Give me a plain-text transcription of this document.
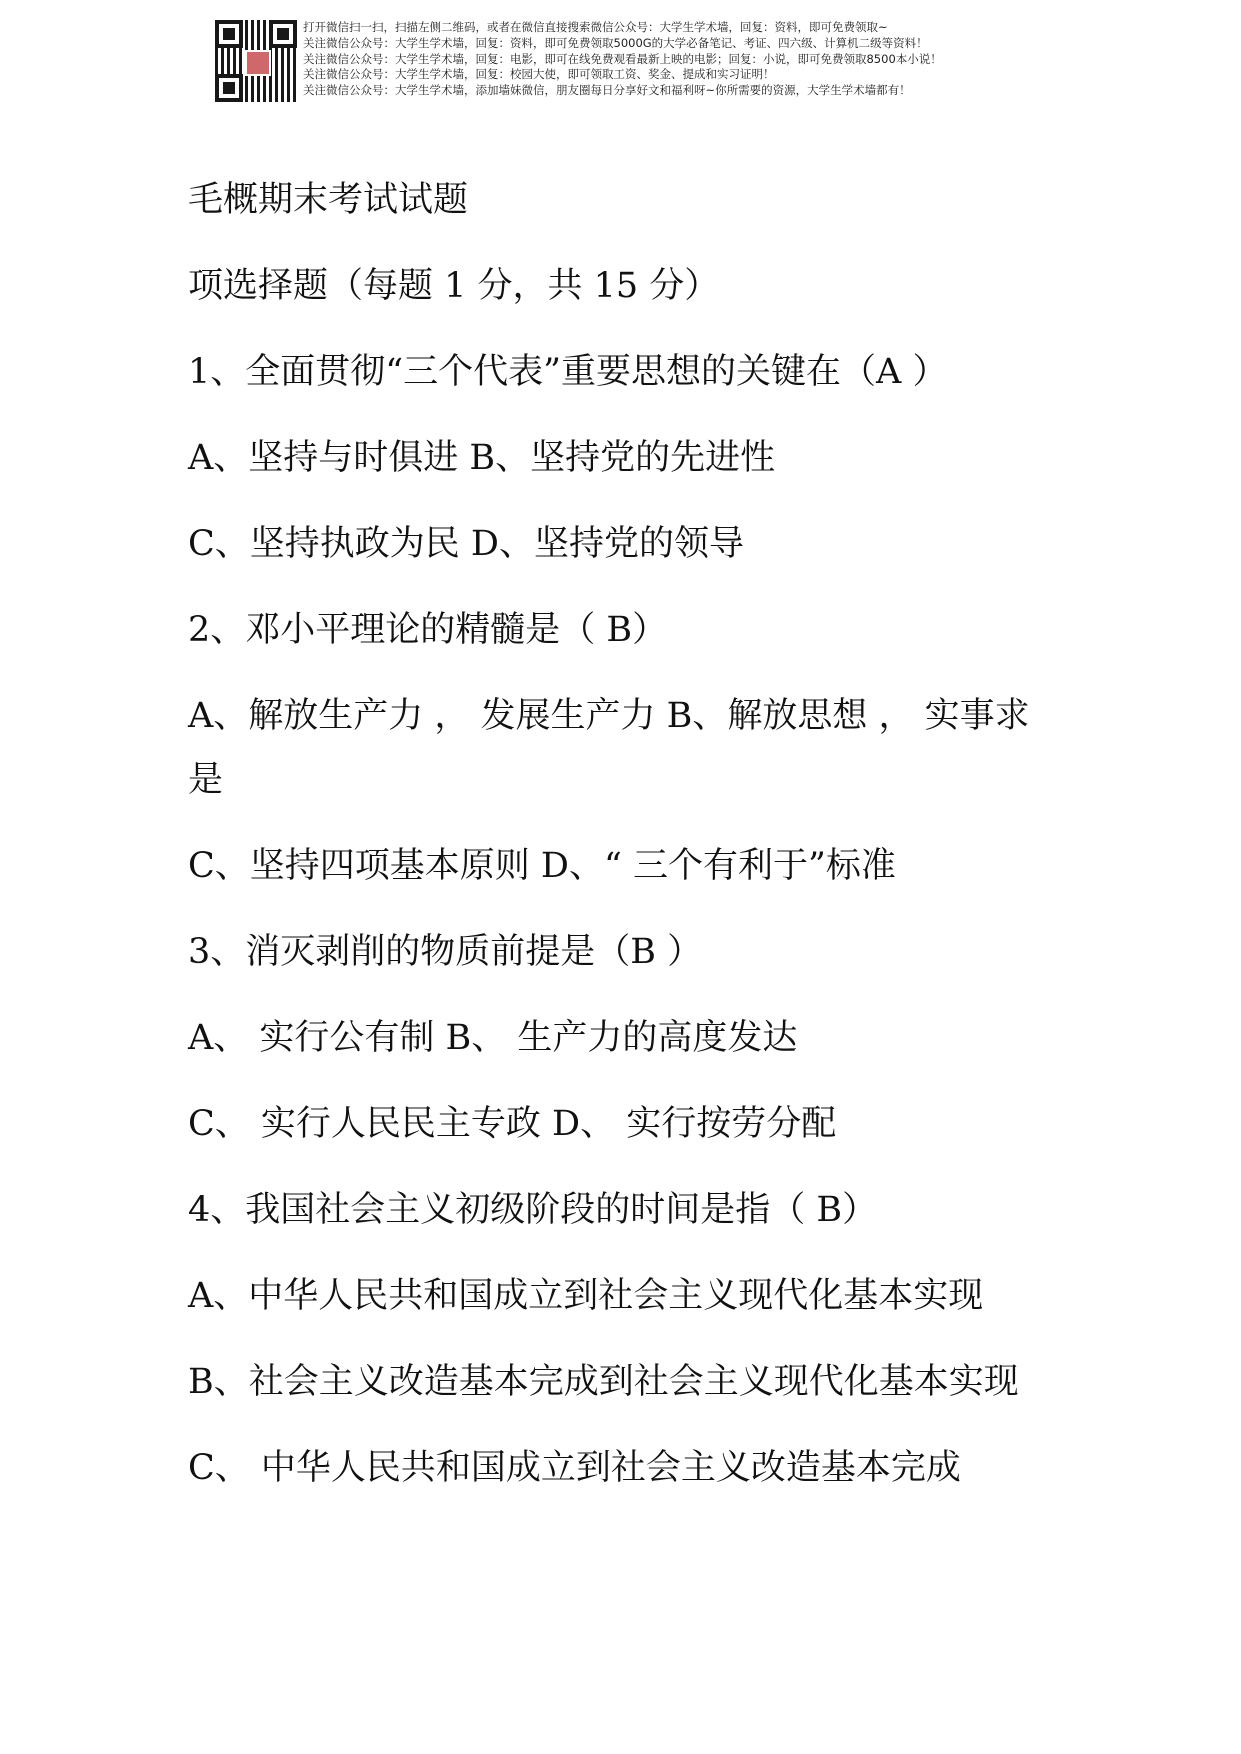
打开微信扫一扫，扫描左侧二维码，或者在微信直接搜索微信公众号：大学生学术墙，回复：资料，即可免费领取~
关注微信公众号：大学生学术墙，回复：资料，即可免费领取5000G的大学必备笔记、考证、四六级、计算机二级等资料！
关注微信公众号：大学生学术墙，回复：电影，即可在线免费观看最新上映的电影；回复：小说，即可免费领取8500本小说！
关注微信公众号：大学生学术墙，回复：校园大使，即可领取工资、奖金、提成和实习证明！
关注微信公众号：大学生学术墙，添加墙妹微信，朋友圈每日分享好文和福利呀~你所需要的资源，大学生学术墙都有！

毛概期末考试试题

项选择题（每题 1 分，共 15 分）

1、全面贯彻“三个代表”重要思想的关键在（A ）

A、坚持与时俱进 B、坚持党的先进性

C、坚持执政为民 D、坚持党的领导

2、邓小平理论的精髓是（ B）

A、解放生产力 ， 发展生产力 B、解放思想 ， 实事求是

C、坚持四项基本原则 D、“ 三个有利于”标准

3、消灭剥削的物质前提是（B ）

A、 实行公有制 B、 生产力的高度发达

C、 实行人民民主专政 D、 实行按劳分配

4、我国社会主义初级阶段的时间是指（ B）

A、中华人民共和国成立到社会主义现代化基本实现

B、社会主义改造基本完成到社会主义现代化基本实现

C、 中华人民共和国成立到社会主义改造基本完成
